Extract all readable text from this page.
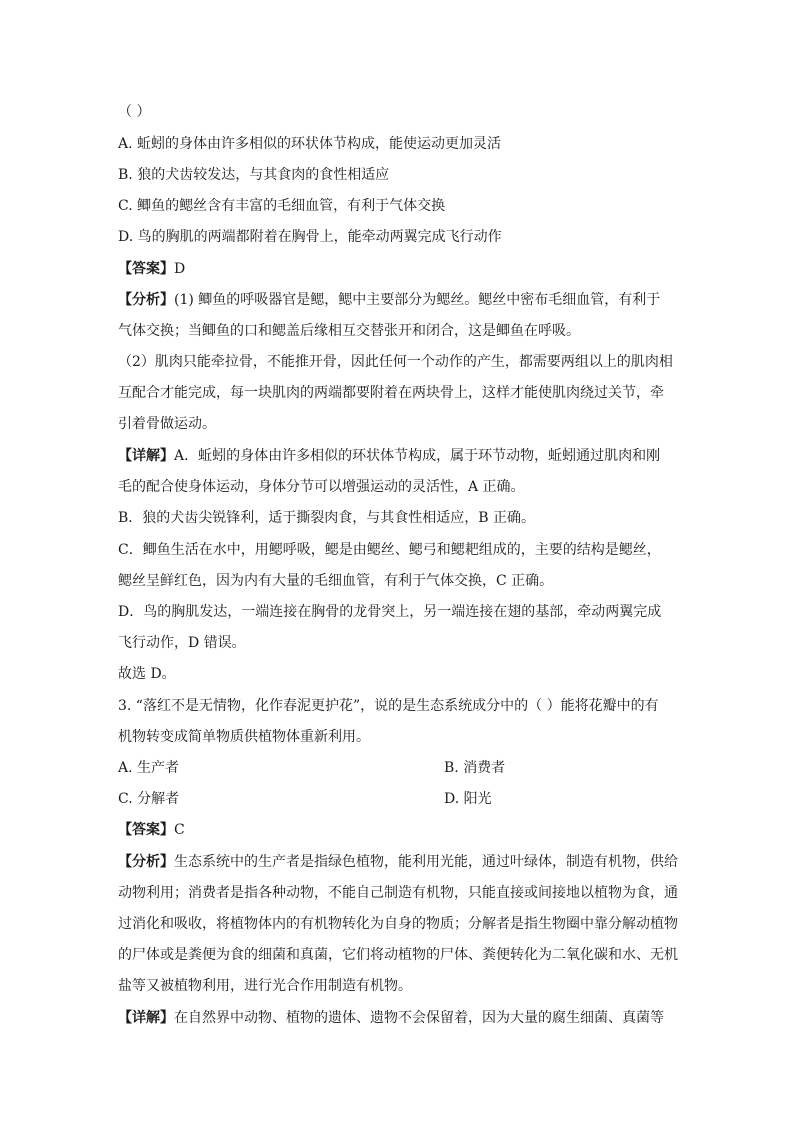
（ ）
A. 蚯蚓的身体由许多相似的环状体节构成，能使运动更加灵活
B. 狼的犬齿较发达，与其食肉的食性相适应
C. 鲫鱼的鳃丝含有丰富的毛细血管，有利于气体交换
D. 鸟的胸肌的两端都附着在胸骨上，能牵动两翼完成飞行动作
【答案】D
【分析】(1) 鲫鱼的呼吸器官是鳃，鳃中主要部分为鳃丝。鳃丝中密布毛细血管，有利于
气体交换；当鲫鱼的口和鳃盖后缘相互交替张开和闭合，这是鲫鱼在呼吸。
（2）肌肉只能牵拉骨，不能推开骨，因此任何一个动作的产生，都需要两组以上的肌肉相
互配合才能完成，每一块肌肉的两端都要附着在两块骨上，这样才能使肌肉绕过关节，牵
引着骨做运动。
【详解】A．蚯蚓的身体由许多相似的环状体节构成，属于环节动物，蚯蚓通过肌肉和刚
毛的配合使身体运动，身体分节可以增强运动的灵活性，A 正确。
B．狼的犬齿尖锐锋利，适于撕裂肉食，与其食性相适应，B 正确。
C．鲫鱼生活在水中，用鳃呼吸，鳃是由鳃丝、鳃弓和鳃耙组成的，主要的结构是鳃丝，
鳃丝呈鲜红色，因为内有大量的毛细血管，有利于气体交换，C 正确。
D．鸟的胸肌发达，一端连接在胸骨的龙骨突上，另一端连接在翅的基部，牵动两翼完成
飞行动作，D 错误。
故选 D。
3. “落红不是无情物，化作春泥更护花”，说的是生态系统成分中的（ ）能将花瓣中的有
机物转变成简单物质供植物体重新利用。
A. 生产者	B. 消费者
C. 分解者	D. 阳光
【答案】C
【分析】生态系统中的生产者是指绿色植物，能利用光能，通过叶绿体，制造有机物，供给
动物利用；消费者是指各种动物，不能自己制造有机物，只能直接或间接地以植物为食，通
过消化和吸收，将植物体内的有机物转化为自身的物质；分解者是指生物圈中靠分解动植物
的尸体或是粪便为食的细菌和真菌，它们将动植物的尸体、粪便转化为二氧化碳和水、无机
盐等又被植物利用，进行光合作用制造有机物。
【详解】在自然界中动物、植物的遗体、遗物不会保留着，因为大量的腐生细菌、真菌等
